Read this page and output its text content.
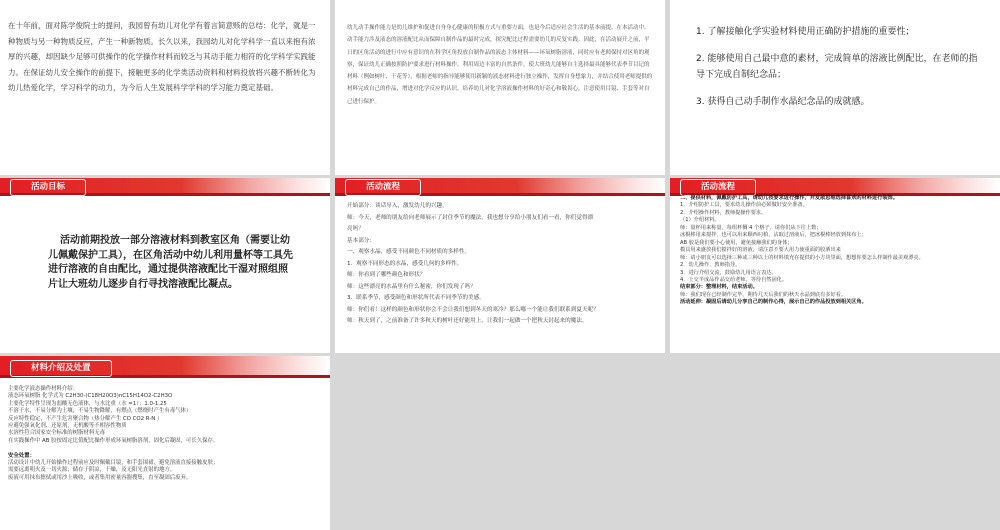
在十年前，面对陈学俊院士的提问，我园曾有幼儿对化学有着言简意赅的总结：化学，就是一种物质与另一种物质反应，产生一种新物质。长久以来，我园幼儿对化学科学一直以来抱有浓厚的兴趣，却因缺少足够可供操作的化学操作材料而较乏与其动手能力相符的化学科学实践能力。在保证幼儿安全操作的前提下，接触更多的化学类活动资料和材料投放将兴趣不断转化为幼儿热爱化学，学习科学的动力，为今后人生发展科学学科的学习能力奠定基础。

幼儿动手操作能力是幼儿维护和促进自身身心健康的积极方式与重要方面，也是今后适应社会生活的基本前提。在本活动中，动手能力涉及液态的溶液配比从而保障自制作品的最时完成，探究配比过程需要幼儿的反复实践。因此，在活动展开之前，平日的区角活动的进行中应有意识的在科学区角投放自制作品的液态主体材料——环氧树脂溶液，同时应有老师保持对区角的观察，保证幼儿正确按照防护要求进行材料操作。利用周边丰富的自然条件，使大班幼儿能够自主选择最具能够代表季节目记的材料（例如树叶、干花等），根据老师的指导能够使用新颖的液态材料进行独立操作，发挥自身想象力，并结合使用老师提供的材料完成自己的作品，增进对化学反应的认识。培养幼儿对化学溶液操作材料的好奇心和敬畏心，注意使用目镜、手套等对自己进行保护。

1. 了解接触化学实验材料使用正确防护措施的重要性；
2. 能够使用自己最中意的素材，完成简单的溶液比例配比，在老师的指导下完成自制纪念品；
3. 获得自己动手制作水晶纪念品的成就感。
活动目标

活动前期投放一部分溶液材料到教室区角（需要让幼儿佩戴保护工具），在区角活动中幼儿利用量杯等工具先进行溶液的自由配比，通过提供溶液配比干湿对照组照片让大班幼儿逐步自行寻找溶液配比凝点。

活动流程
开始部分：谈话导入，激发幼儿的兴趣。
师：今天，老师的朋友给向老师展示了封住季节的魔法，我也想分享给小朋友们看一看，你们觉得漂
亮吗？
基本部分：
一、观察水晶，感受不同颜色不同材质的多样性。
1．观察不同形态的水晶，感受几何的多样性。
师：你看到了哪些颜色和形状？
师：这些漂亮的水晶里有什么秘密，你们发现了吗？
3．联系季节，感受颜色和形状所代表不同季节的美感。
师：你们看！这样的颜色和形状你会不会让我们想到冬天的寒冷？那么哪一个能让我们联系到夏天呢？
师：秋天到了，之前准备了许多秋天的树叶还好能用上，让我们一起做一个把秋天封起来的魔法。
活动流程
二、提供材料，佩戴防护工具，请幼儿按要求进行操作，并发散思维选择喜欢的材料进行装饰。
1．介绍防护工具，要求幼儿操作前必须做好安全准备。
2．介绍操作材料，教师提操作要求。
（1）介绍材料。
师：量杯用来称量，每组杯侧 4 个格子，请你们从下往上数；
冰棍棒用来搅拌，也可以用来顺西叼柏，沾取过溶液后，把冰棍棒轻放到抹布上；
AB 胶是我们要小心使用，避免接触我们的身体；
模具用来盛放我们搅拌好的溶液，请注意不要大用力使重面的胶洒出来
师：请小朋友可以选择三种或三种以上的材料填充在提供的小方块里面，想想你要怎么样制作最美观漂亮。
2．幼儿操作，教师指导。
3．进行介绍交流，鼓励幼儿用语言表达。
4．上交半成品作品交给老师，等待自然固化。
结束部分：整理材料，结束活动。
师：我们现在已经制作完毕，期待几天后我们的秋天水晶到底有多好看。
活动延伸：凝固后请幼儿分享自己的制作心得，展示自己的作品投放到相关区角。
材料介绍及处置
主要化学液态操作材料介绍：
液态环氧树脂 化学式为 C2H30-(C18H20O3)nC15H14O2-C2H3O
主要化学特性呈现为弱酸无色液体，与水比重（水 =1）：1.0-1.25
不溶于水，不易分解为土壤，不易生物降解，有燃点（燃烧时产生有毒气体）
反应特性稳定，不产生危害聚合物（热分解产生 CO CO2 R-N ）
应避免强氧化剂、还原剂，无机酸等不相容性物质
水溶性符合国家安全标准的树脂材料无毒
在实践操作中 AB 胶按固定比值配比操作形成环氧树脂溶剂，固化后凝固，可长久保存。

安全处置：
活动设计中幼儿开始操作过程前应及时佩戴目镜，和手套围裙，避免溶液直接接触皮肤；
需要远离明火及一切火源；储存于阴凉，干燥，及无阳光直射的地方。
废液可用抹布擦拭或用沙土吸收，或者集用密量容器搜集，直至凝固后废弃。
